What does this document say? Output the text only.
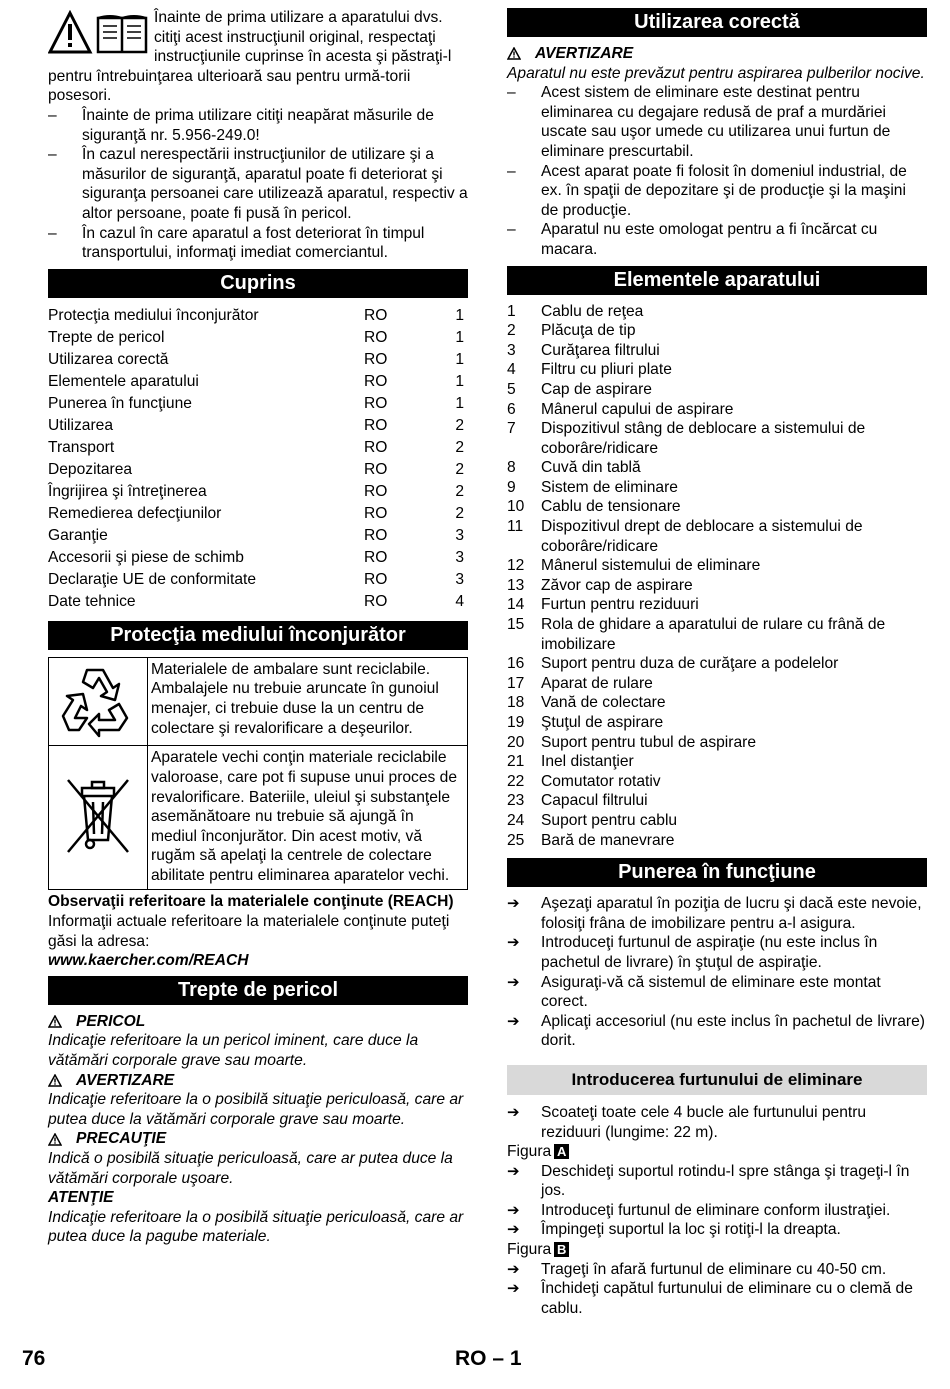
Înainte de prima utilizare a aparatului dvs. citiţi acest instrucţiunil original, respectaţi instrucţiunile cuprinse în acesta şi păstraţi-l pentru întrebuinţarea ulterioară sau pentru urmă-torii posesori.

–	Înainte de prima utilizare citiţi neapărat măsurile de siguranţă nr. 5.956-249.0!
–	În cazul nerespectării instrucţiunilor de utilizare şi a măsurilor de siguranţă, aparatul poate fi deteriorat şi siguranţa persoanei care utilizează aparatul, respectiv a altor persoane, poate fi pusă în pericol.
–	În cazul în care aparatul a fost deteriorat în timpul transportului, informaţi imediat comerciantul.
Cuprins
Protecţia mediului înconjurător	RO	1
Trepte de pericol	RO	1
Utilizarea corectă	RO	1
Elementele aparatului	RO	1
Punerea în funcţiune	RO	1
Utilizarea	RO	2
Transport	RO	2
Depozitarea	RO	2
Îngrijirea şi întreţinerea	RO	2
Remedierea defecţiunilor	RO	2
Garanţie	RO	3
Accesorii şi piese de schimb	RO	3
Declaraţie UE de conformitate	RO	3
Date tehnice	RO	4
Protecţia mediului înconjurător
	Materialele de ambalare sunt reciclabile. Ambalajele nu trebuie aruncate în gunoiul menajer, ci trebuie duse la un centru de colectare şi revalorificare a deşeurilor.
	Aparatele vechi conţin materiale reciclabile valoroase, care pot fi supuse unui proces de revalorificare. Bateriile, uleiul şi substanţele asemănătoare nu trebuie să ajungă în mediul înconjurător. Din acest motiv, vă rugăm să apelaţi la centrele de colectare abilitate pentru eliminarea aparatelor vechi.

Observaţii referitoare la materialele conţinute (REACH)

Informaţii actuale referitoare la materialele conţinute puteţi găsi la adresa:

www.kaercher.com/REACH

Trepte de pericol
PERICOL

Indicaţie referitoare la un pericol iminent, care duce la vătămări corporale grave sau moarte.

AVERTIZARE

Indicaţie referitoare la o posibilă situaţie periculoasă, care ar putea duce la vătămări corporale grave sau moarte.

PRECAUŢIE

Indică o posibilă situaţie periculoasă, care ar putea duce la vătămări corporale uşoare.

ATENŢIE

Indicaţie referitoare la o posibilă situaţie periculoasă, care ar putea duce la pagube materiale.

Utilizarea corectă
AVERTIZARE

Aparatul nu este prevăzut pentru aspirarea pulberilor nocive.

–	Acest sistem de eliminare este destinat pentru eliminarea cu degajare redusă de praf a murdăriei uscate sau uşor umede cu utilizarea unui furtun de eliminare prescurtabil.
–	Acest aparat poate fi folosit în domeniul industrial, de ex. în spaţii de depozitare şi de producţie şi la maşini de producţie.
–	Aparatul nu este omologat pentru a fi încărcat cu macara.
Elementele aparatului
1	Cablu de reţea
2	Plăcuţa de tip
3	Curăţarea filtrului
4	Filtru cu pliuri plate
5	Cap de aspirare
6	Mânerul capului de aspirare
7	Dispozitivul stâng de deblocare a sistemului de coborâre/ridicare
8	Cuvă din tablă
9	Sistem de eliminare
10	Cablu de tensionare
11	Dispozitivul drept de deblocare a sistemului de coborâre/ridicare
12	Mânerul sistemului de eliminare
13	Zăvor cap de aspirare
14	Furtun pentru reziduuri
15	Rola de ghidare a aparatului de rulare cu frână de imobilizare
16	Suport pentru duza de curăţare a podelelor
17	Aparat de rulare
18	Vană de colectare
19	Ştuţul de aspirare
20	Suport pentru tubul de aspirare
21	Inel distanţier
22	Comutator rotativ
23	Capacul filtrului
24	Suport pentru cablu
25	Bară de manevrare
Punerea în funcţiune
➔	Aşezaţi aparatul în poziţia de lucru şi dacă este nevoie, folosiţi frâna de imobilizare pentru a-l asigura.
➔	Introduceţi furtunul de aspiraţie (nu este inclus în pachetul de livrare) în ştuţul de aspiraţie.
➔	Asiguraţi-vă că sistemul de eliminare este montat corect.
➔	Aplicaţi accesoriul (nu este inclus în pachetul de livrare) dorit.
Introducerea furtunului de eliminare
➔	Scoateţi toate cele 4 bucle ale furtunului pentru reziduuri (lungime: 22 m).
Figura A
➔	Deschideţi suportul rotindu-l spre stânga şi trageţi-l în jos.
➔	Introduceţi furtunul de eliminare conform ilustraţiei.
➔	Împingeţi suportul la loc şi rotiţi-l la dreapta.
Figura B
➔	Trageţi în afară furtunul de eliminare cu 40-50 cm.
➔	Închideţi capătul furtunului de eliminare cu o clemă de cablu.
76	RO – 1
